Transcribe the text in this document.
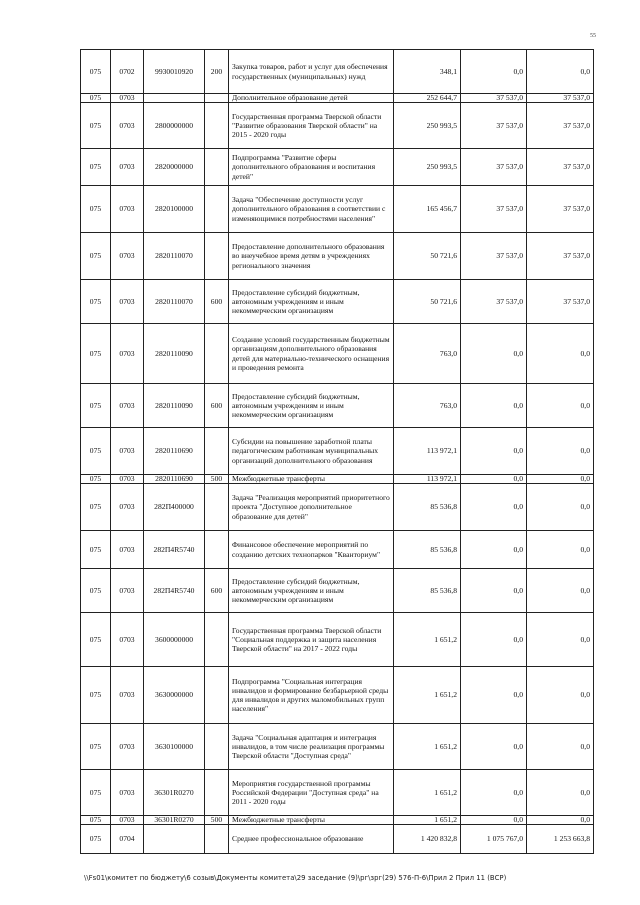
55
075	0702	9930010920	200	Закупка товаров, работ и услуг для обеспечения государственных (муниципальных) нужд	348,1	0,0	0,0
075	0703			Дополнительное образование детей	252 644,7	37 537,0	37 537,0
075	0703	2800000000		Государственная программа Тверской области "Развитие образования Тверской области" на 2015 - 2020 годы	250 993,5	37 537,0	37 537,0
075	0703	2820000000		Подпрограмма "Развитие сферы дополнительного образования и воспитания детей"	250 993,5	37 537,0	37 537,0
075	0703	2820100000		Задача "Обеспечение доступности услуг дополнительного образования в соответствии с изменяющимися потребностями населения"	165 456,7	37 537,0	37 537,0
075	0703	2820110070		Предоставление дополнительного образования во внеучебное время детям в учреждениях регионального значения	50 721,6	37 537,0	37 537,0
075	0703	2820110070	600	Предоставление субсидий бюджетным, автономным учреждениям и иным некоммерческим организациям	50 721,6	37 537,0	37 537,0
075	0703	2820110090		Создание условий государственным бюджетным организациям дополнительного образования детей для материально-технического оснащения и проведения ремонта	763,0	0,0	0,0
075	0703	2820110090	600	Предоставление субсидий бюджетным, автономным учреждениям и иным некоммерческим организациям	763,0	0,0	0,0
075	0703	2820110690		Субсидии на повышение заработной платы педагогическим работникам муниципальных организаций дополнительного образования	113 972,1	0,0	0,0
075	0703	2820110690	500	Межбюджетные трансферты	113 972,1	0,0	0,0
075	0703	282П400000		Задача "Реализация мероприятий приоритетного проекта "Доступное дополнительное образование для детей"	85 536,8	0,0	0,0
075	0703	282П4R5740		Финансовое обеспечение мероприятий по созданию детских технопарков "Кванториум"	85 536,8	0,0	0,0
075	0703	282П4R5740	600	Предоставление субсидий бюджетным, автономным учреждениям и иным некоммерческим организациям	85 536,8	0,0	0,0
075	0703	3600000000		Государственная программа Тверской области "Социальная поддержка и защита населения Тверской области" на 2017 - 2022 годы	1 651,2	0,0	0,0
075	0703	3630000000		Подпрограмма "Социальная интеграция инвалидов и формирование безбарьерной среды для инвалидов и других маломобильных групп населения"	1 651,2	0,0	0,0
075	0703	3630100000		Задача "Социальная адаптация и интеграция инвалидов, в том числе реализация программы Тверской области "Доступная среда"	1 651,2	0,0	0,0
075	0703	36301R0270		Мероприятия государственной программы Российской Федерации "Доступная среда" на 2011 - 2020 годы	1 651,2	0,0	0,0
075	0703	36301R0270	500	Межбюджетные трансферты	1 651,2	0,0	0,0
075	0704			Среднее профессиональное образование	1 420 832,8	1 075 767,0	1 253 663,8
\\Fs01\комитет по бюджету\6 созыв\Документы комитета\29 заседание (9)\рг\зрг(29) 576-П-6\Прил 2 Прил 11 (ВСР)
